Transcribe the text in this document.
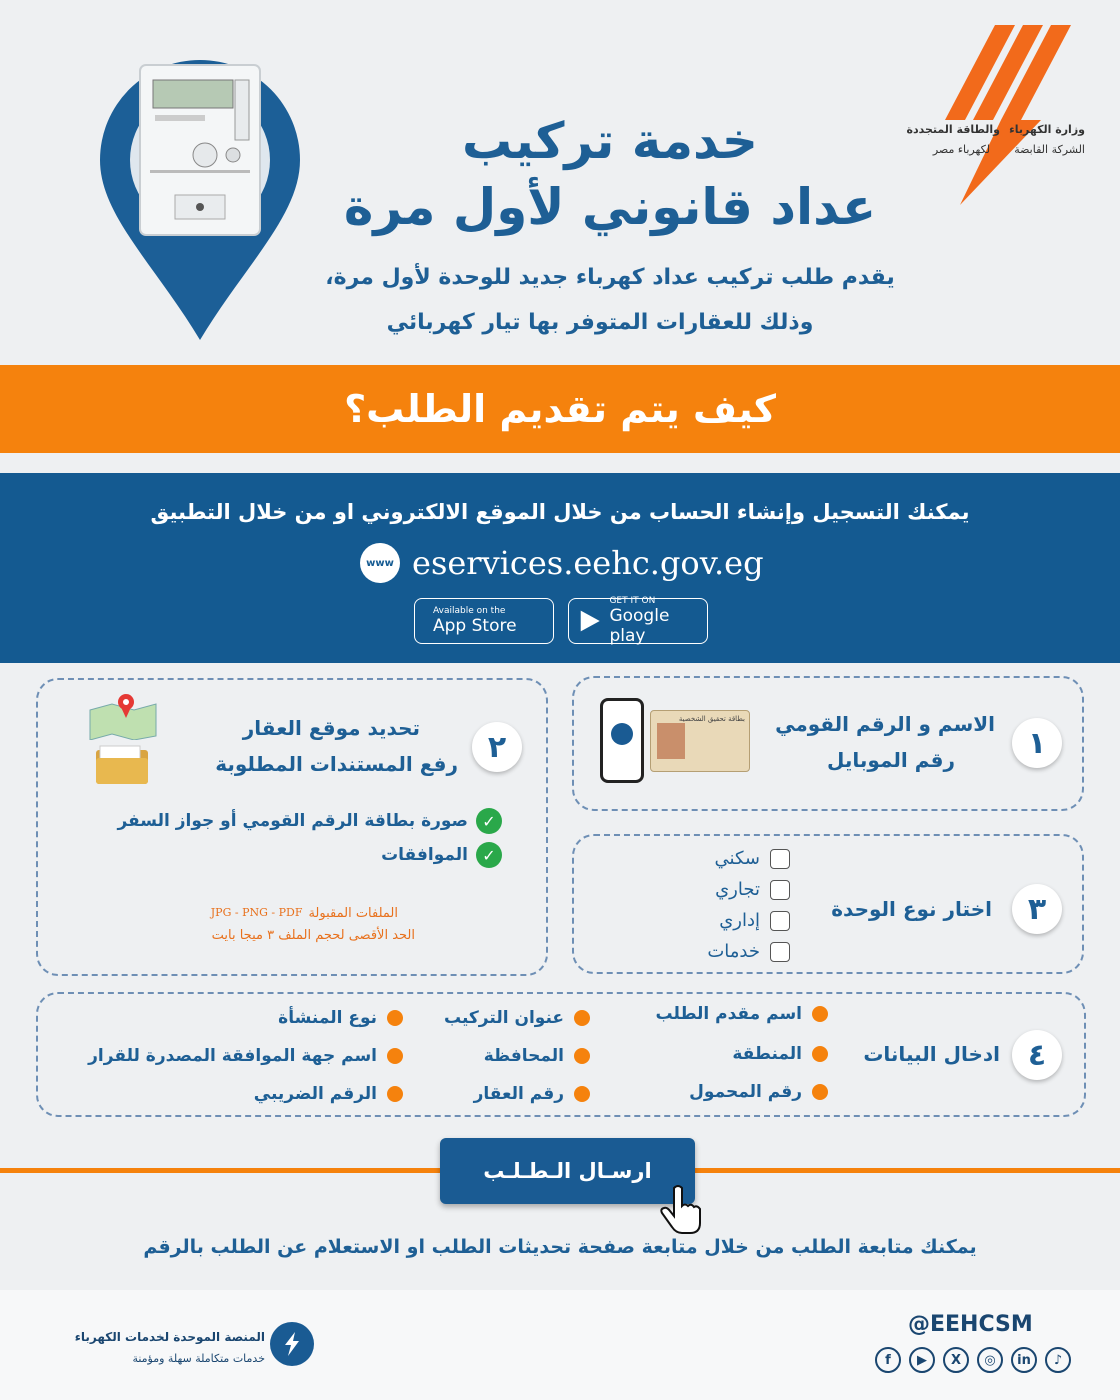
وزارة الكهرباء
والطاقة المتجددة
الشركة القابضة
لكهرباء مصر
خدمة تركيب
عداد قانوني لأول مرة
يقدم طلب تركيب عداد كهرباء جديد للوحدة لأول مرة،
وذلك للعقارات المتوفر بها تيار كهربائي
كيف يتم تقديم الطلب؟
يمكنك التسجيل وإنشاء الحساب من خلال الموقع الالكتروني او من خلال التطبيق
www eservices.eehc.gov.eg
Available on the
App Store
GET IT ON
Google play
١
الاسم و الرقم القومي
رقم الموبايل
بطاقة تحقيق الشخصية
٢
تحديد موقع العقار
رفع المستندات المطلوبة
✓
صورة بطاقة الرقم القومي أو جواز السفر
✓
الموافقات
الملفات المقبولة
JPG - PNG - PDF
الحد الأقصى لحجم الملف ٣ ميجا بايت
٣
اختار نوع الوحدة
سكني
تجاري
إداري
خدمات
٤
ادخال البيانات
اسم مقدم الطلب
المنطقة
رقم المحمول
عنوان التركيب
المحافظة
رقم العقار
نوع المنشأة
اسم جهة الموافقة المصدرة للقرار
الرقم الضريبي
ارسـال الـطـلـب
يمكنك متابعة الطلب من خلال متابعة صفحة تحديثات الطلب او الاستعلام عن الطلب بالرقم
@EEHCSM
f	▶	X	◎	in	♪
المنصة الموحدة لخدمات الكهرباء
خدمات متكاملة سهلة ومؤمنة
